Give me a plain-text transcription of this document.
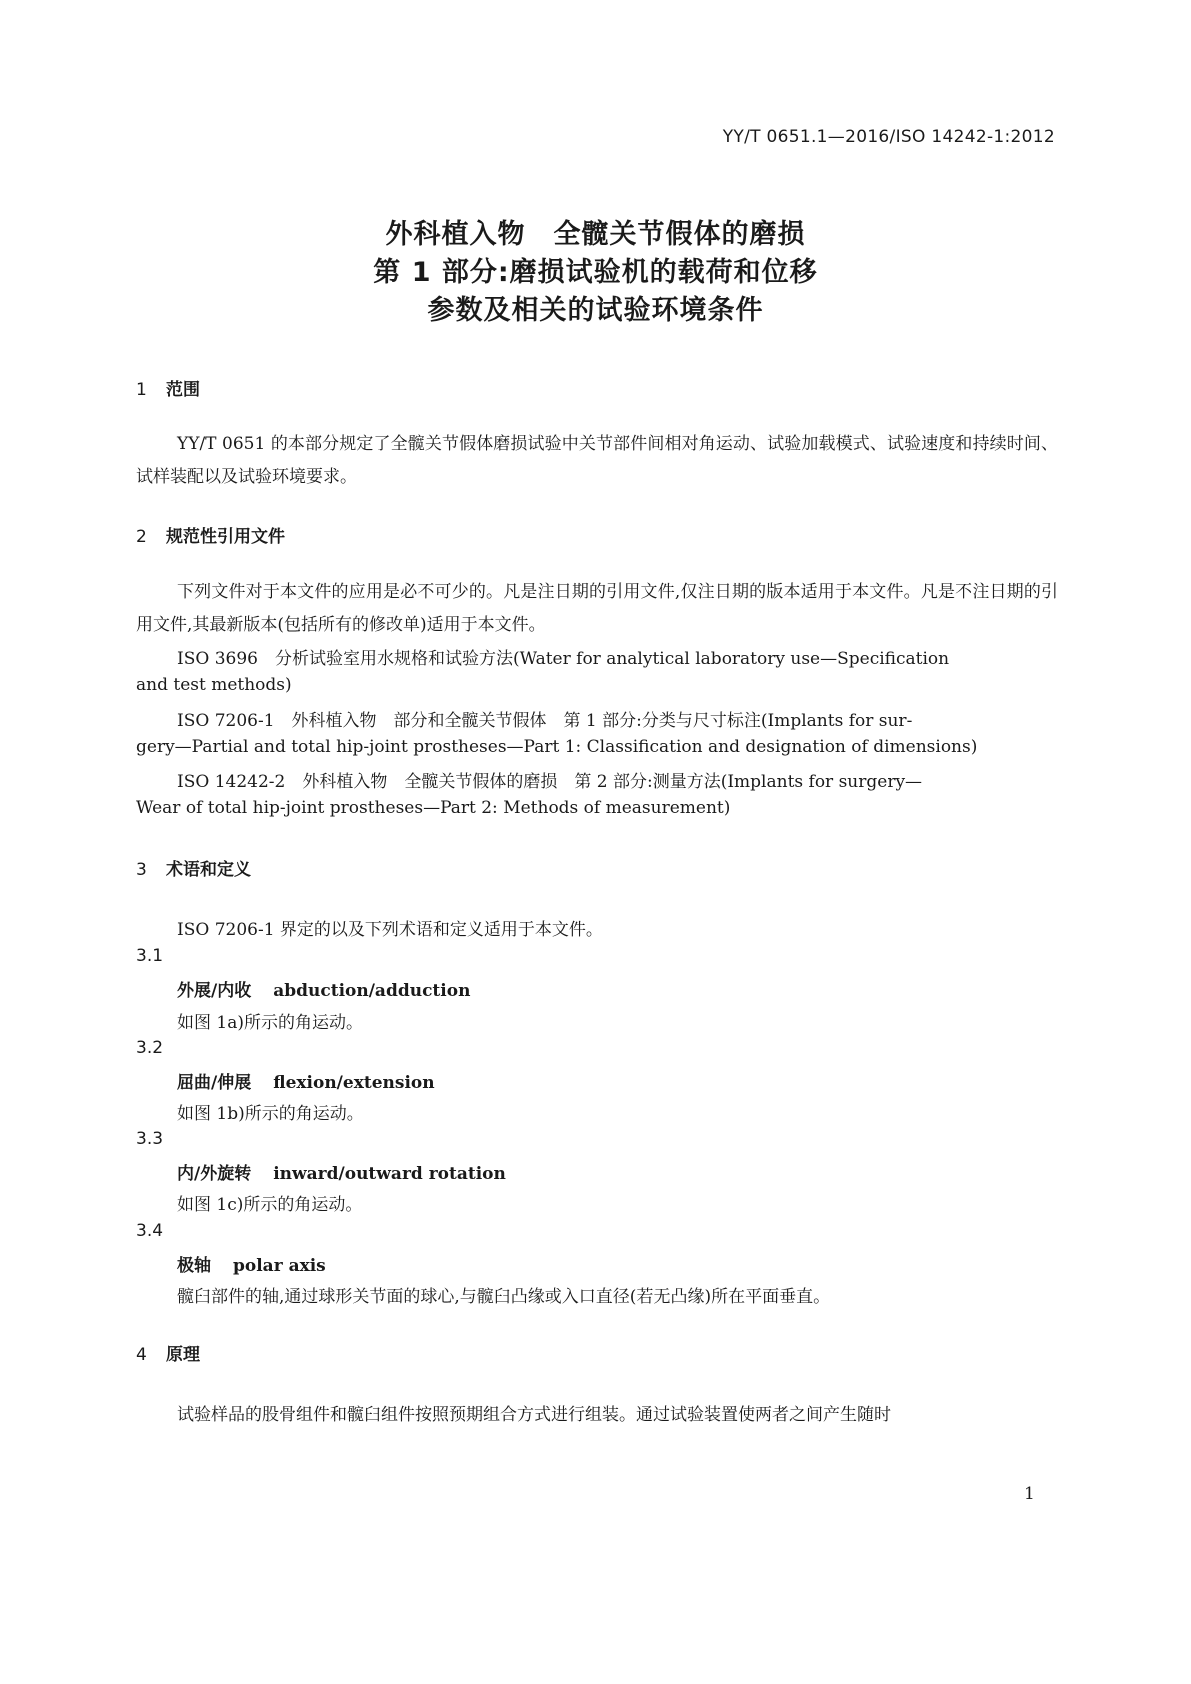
YY/T 0651.1—2016/ISO 14242-1:2012
外科植入物　全髋关节假体的磨损
第 1 部分:磨损试验机的载荷和位移
参数及相关的试验环境条件
1 范围
YY/T 0651 的本部分规定了全髋关节假体磨损试验中关节部件间相对角运动、试验加载模式、试验速度和持续时间、试样装配以及试验环境要求。
2 规范性引用文件
下列文件对于本文件的应用是必不可少的。凡是注日期的引用文件,仅注日期的版本适用于本文件。凡是不注日期的引用文件,其最新版本(包括所有的修改单)适用于本文件。
ISO 3696　分析试验室用水规格和试验方法(Water for analytical laboratory use—Specification
and test methods)
ISO 7206-1　外科植入物　部分和全髋关节假体　第 1 部分:分类与尺寸标注(Implants for sur-
gery—Partial and total hip-joint prostheses—Part 1: Classification and designation of dimensions)
ISO 14242-2　外科植入物　全髋关节假体的磨损　第 2 部分:测量方法(Implants for surgery—
Wear of total hip-joint prostheses—Part 2: Methods of measurement)
3 术语和定义
ISO 7206-1 界定的以及下列术语和定义适用于本文件。
3.1
外展/内收 abduction/adduction
如图 1a)所示的角运动。
3.2
屈曲/伸展 flexion/extension
如图 1b)所示的角运动。
3.3
内/外旋转 inward/outward rotation
如图 1c)所示的角运动。
3.4
极轴 polar axis
髋臼部件的轴,通过球形关节面的球心,与髋臼凸缘或入口直径(若无凸缘)所在平面垂直。
4 原理
试验样品的股骨组件和髋臼组件按照预期组合方式进行组装。通过试验装置使两者之间产生随时
1
